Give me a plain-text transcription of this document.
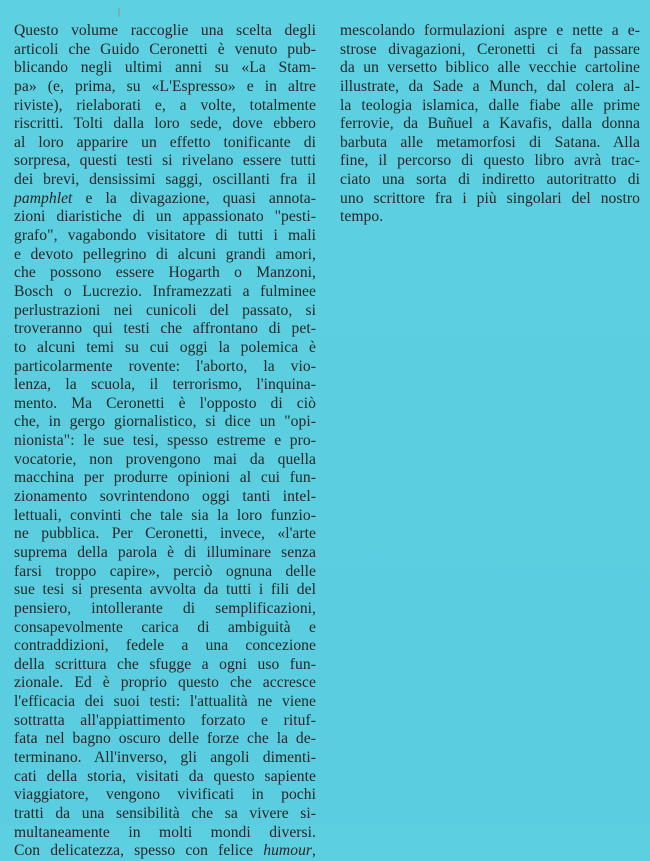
Questo volume raccoglie una scelta degli
articoli che Guido Ceronetti è venuto pub-
blicando negli ultimi anni su «La Stam-
pa» (e, prima, su «L'Espresso» e in altre
riviste), rielaborati e, a volte, totalmente
riscritti. Tolti dalla loro sede, dove ebbero
al loro apparire un effetto tonificante di
sorpresa, questi testi si rivelano essere tutti
dei brevi, densissimi saggi, oscillanti fra il
pamphlet e la divagazione, quasi annota-
zioni diaristiche di un appassionato "pesti-
grafo", vagabondo visitatore di tutti i mali
e devoto pellegrino di alcuni grandi amori,
che possono essere Hogarth o Manzoni,
Bosch o Lucrezio. Inframezzati a fulminee
perlustrazioni nei cunicoli del passato, si
troveranno qui testi che affrontano di pet-
to alcuni temi su cui oggi la polemica è
particolarmente rovente: l'aborto, la vio-
lenza, la scuola, il terrorismo, l'inquina-
mento. Ma Ceronetti è l'opposto di ciò
che, in gergo giornalistico, si dice un "opi-
nionista": le sue tesi, spesso estreme e pro-
vocatorie, non provengono mai da quella
macchina per produrre opinioni al cui fun-
zionamento sovrintendono oggi tanti intel-
lettuali, convinti che tale sia la loro funzio-
ne pubblica. Per Ceronetti, invece, «l'arte
suprema della parola è di illuminare senza
farsi troppo capire», perciò ognuna delle
sue tesi si presenta avvolta da tutti i fili del
pensiero, intollerante di semplificazioni,
consapevolmente carica di ambiguità e
contraddizioni, fedele a una concezione
della scrittura che sfugge a ogni uso fun-
zionale. Ed è proprio questo che accresce
l'efficacia dei suoi testi: l'attualità ne viene
sottratta all'appiattimento forzato e rituf-
fata nel bagno oscuro delle forze che la de-
terminano. All'inverso, gli angoli dimenti-
cati della storia, visitati da questo sapiente
viaggiatore, vengono vivificati in pochi
tratti da una sensibilità che sa vivere si-
multaneamente in molti mondi diversi.
Con delicatezza, spesso con felice humour,
mescolando formulazioni aspre e nette a e-
strose divagazioni, Ceronetti ci fa passare
da un versetto biblico alle vecchie cartoline
illustrate, da Sade a Munch, dal colera al-
la teologia islamica, dalle fiabe alle prime
ferrovie, da Buñuel a Kavafis, dalla donna
barbuta alle metamorfosi di Satana. Alla
fine, il percorso di questo libro avrà trac-
ciato una sorta di indiretto autoritratto di
uno scrittore fra i più singolari del nostro
tempo.
